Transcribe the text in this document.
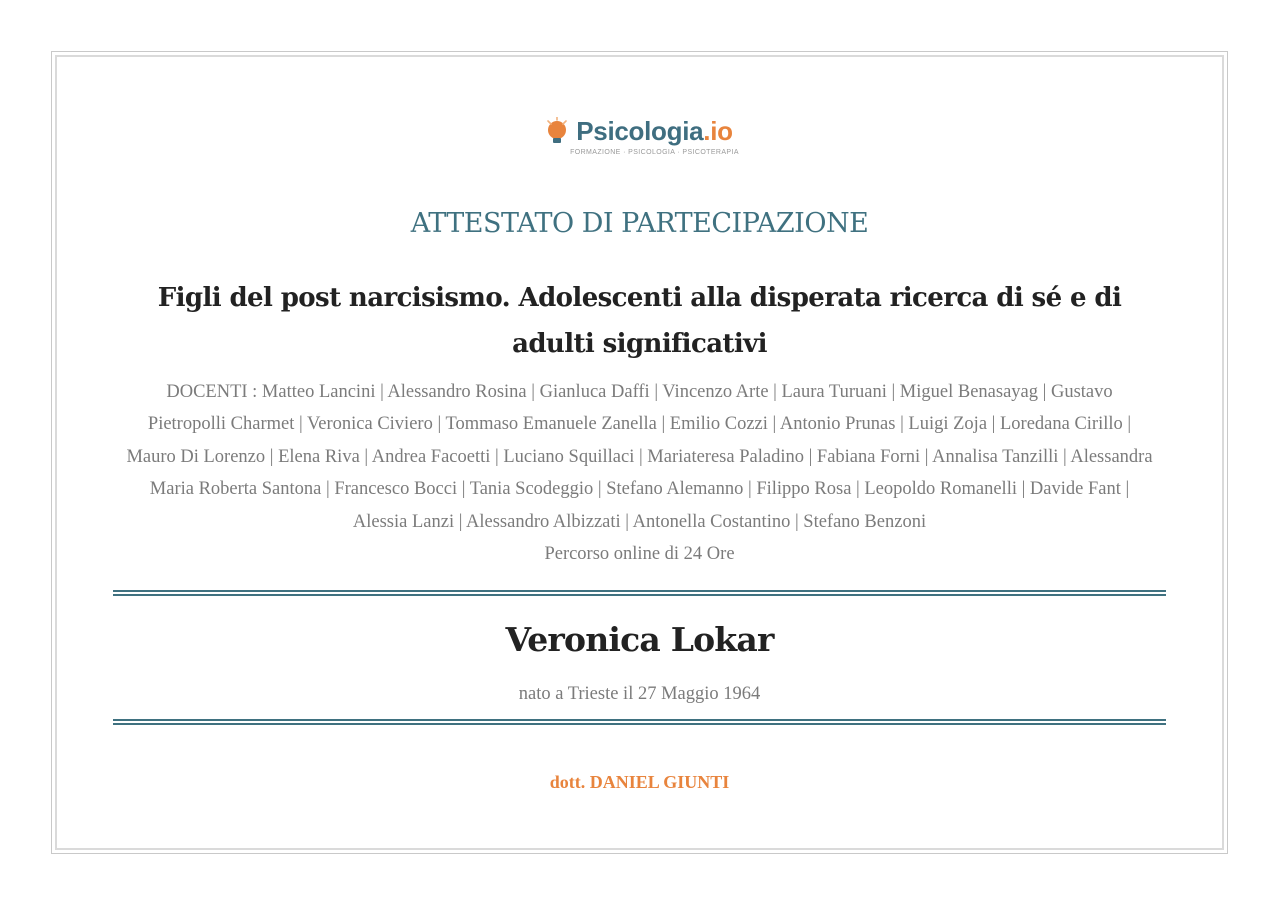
Psicologia.io
FORMAZIONE · PSICOLOGIA · PSICOTERAPIA
ATTESTATO DI PARTECIPAZIONE
Figli del post narcisismo. Adolescenti alla disperata ricerca di sé e di adulti significativi
DOCENTI : Matteo Lancini | Alessandro Rosina | Gianluca Daffi | Vincenzo Arte | Laura Turuani | Miguel Benasayag | Gustavo Pietropolli Charmet | Veronica Civiero | Tommaso Emanuele Zanella | Emilio Cozzi | Antonio Prunas | Luigi Zoja | Loredana Cirillo | Mauro Di Lorenzo | Elena Riva | Andrea Facoetti | Luciano Squillaci | Mariateresa Paladino | Fabiana Forni | Annalisa Tanzilli | Alessandra Maria Roberta Santona | Francesco Bocci | Tania Scodeggio | Stefano Alemanno | Filippo Rosa | Leopoldo Romanelli | Davide Fant | Alessia Lanzi | Alessandro Albizzati | Antonella Costantino | Stefano Benzoni
Percorso online di 24 Ore
Veronica Lokar
nato a Trieste il 27 Maggio 1964
dott. DANIEL GIUNTI
